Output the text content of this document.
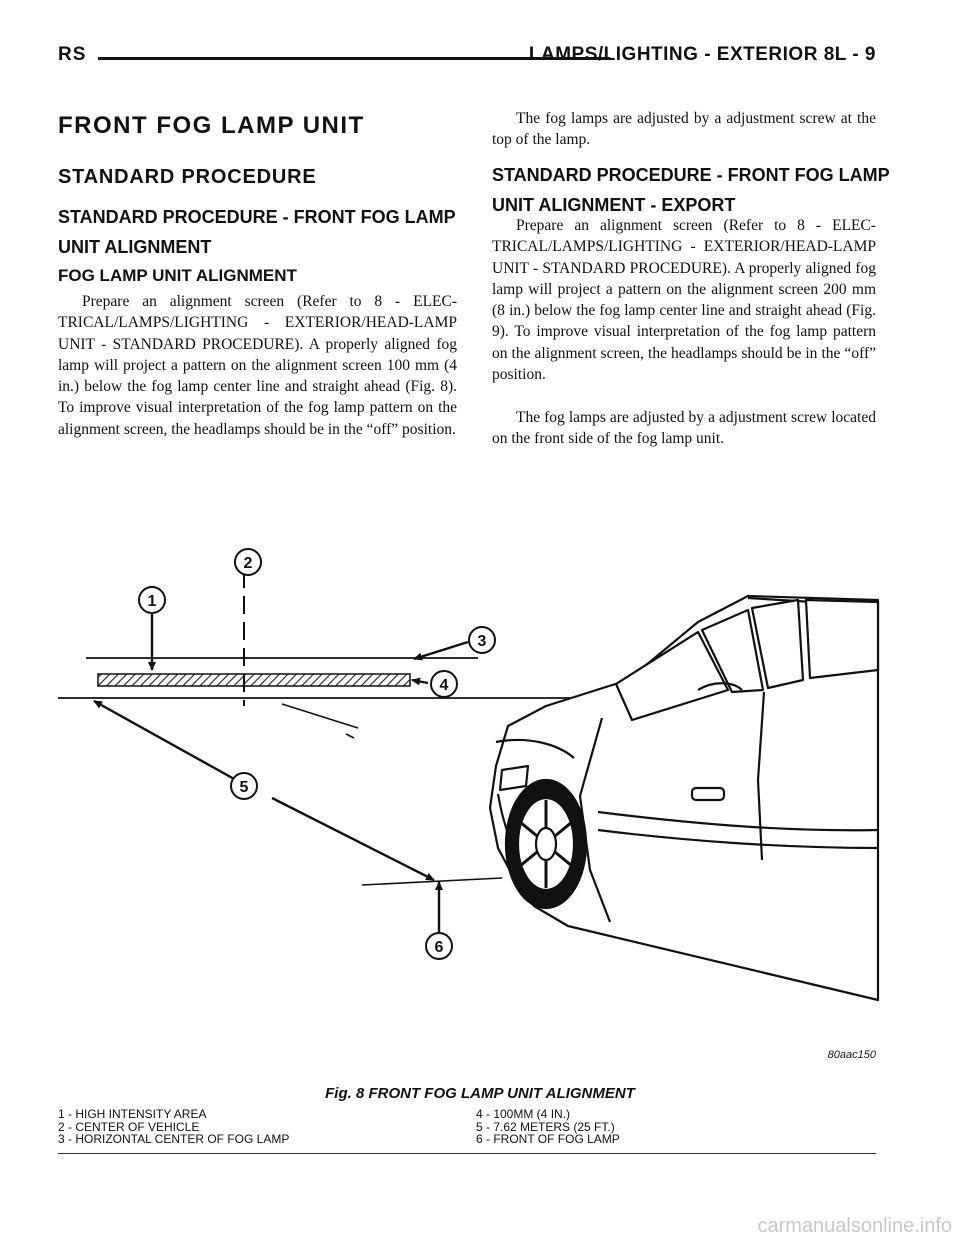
RS	LAMPS/LIGHTING - EXTERIOR 8L - 9
FRONT FOG LAMP UNIT
STANDARD PROCEDURE
STANDARD PROCEDURE - FRONT FOG LAMP
UNIT ALIGNMENT
FOG LAMP UNIT ALIGNMENT

Prepare an alignment screen (Refer to 8 - ELEC-TRICAL/LAMPS/LIGHTING - EXTERIOR/HEAD-LAMP UNIT - STANDARD PROCEDURE). A properly aligned fog lamp will project a pattern on the alignment screen 100 mm (4 in.) below the fog lamp center line and straight ahead (Fig. 8). To improve visual interpretation of the fog lamp pattern on the alignment screen, the headlamps should be in the “off” position.

The fog lamps are adjusted by a adjustment screw at the top of the lamp.

STANDARD PROCEDURE - FRONT FOG LAMP
UNIT ALIGNMENT - EXPORT

Prepare an alignment screen (Refer to 8 - ELEC-TRICAL/LAMPS/LIGHTING - EXTERIOR/HEAD-LAMP UNIT - STANDARD PROCEDURE). A properly aligned fog lamp will project a pattern on the alignment screen 200 mm (8 in.) below the fog lamp center line and straight ahead (Fig. 9). To improve visual interpretation of the fog lamp pattern on the alignment screen, the headlamps should be in the “off” position.

The fog lamps are adjusted by a adjustment screw located on the front side of the fog lamp unit.

1
2
3
4
5
6
80aac150
Fig. 8 FRONT FOG LAMP UNIT ALIGNMENT
1 - HIGH INTENSITY AREA
2 - CENTER OF VEHICLE
3 - HORIZONTAL CENTER OF FOG LAMP
4 - 100MM (4 IN.)
5 - 7.62 METERS (25 FT.)
6 - FRONT OF FOG LAMP
carmanualsonline.info
